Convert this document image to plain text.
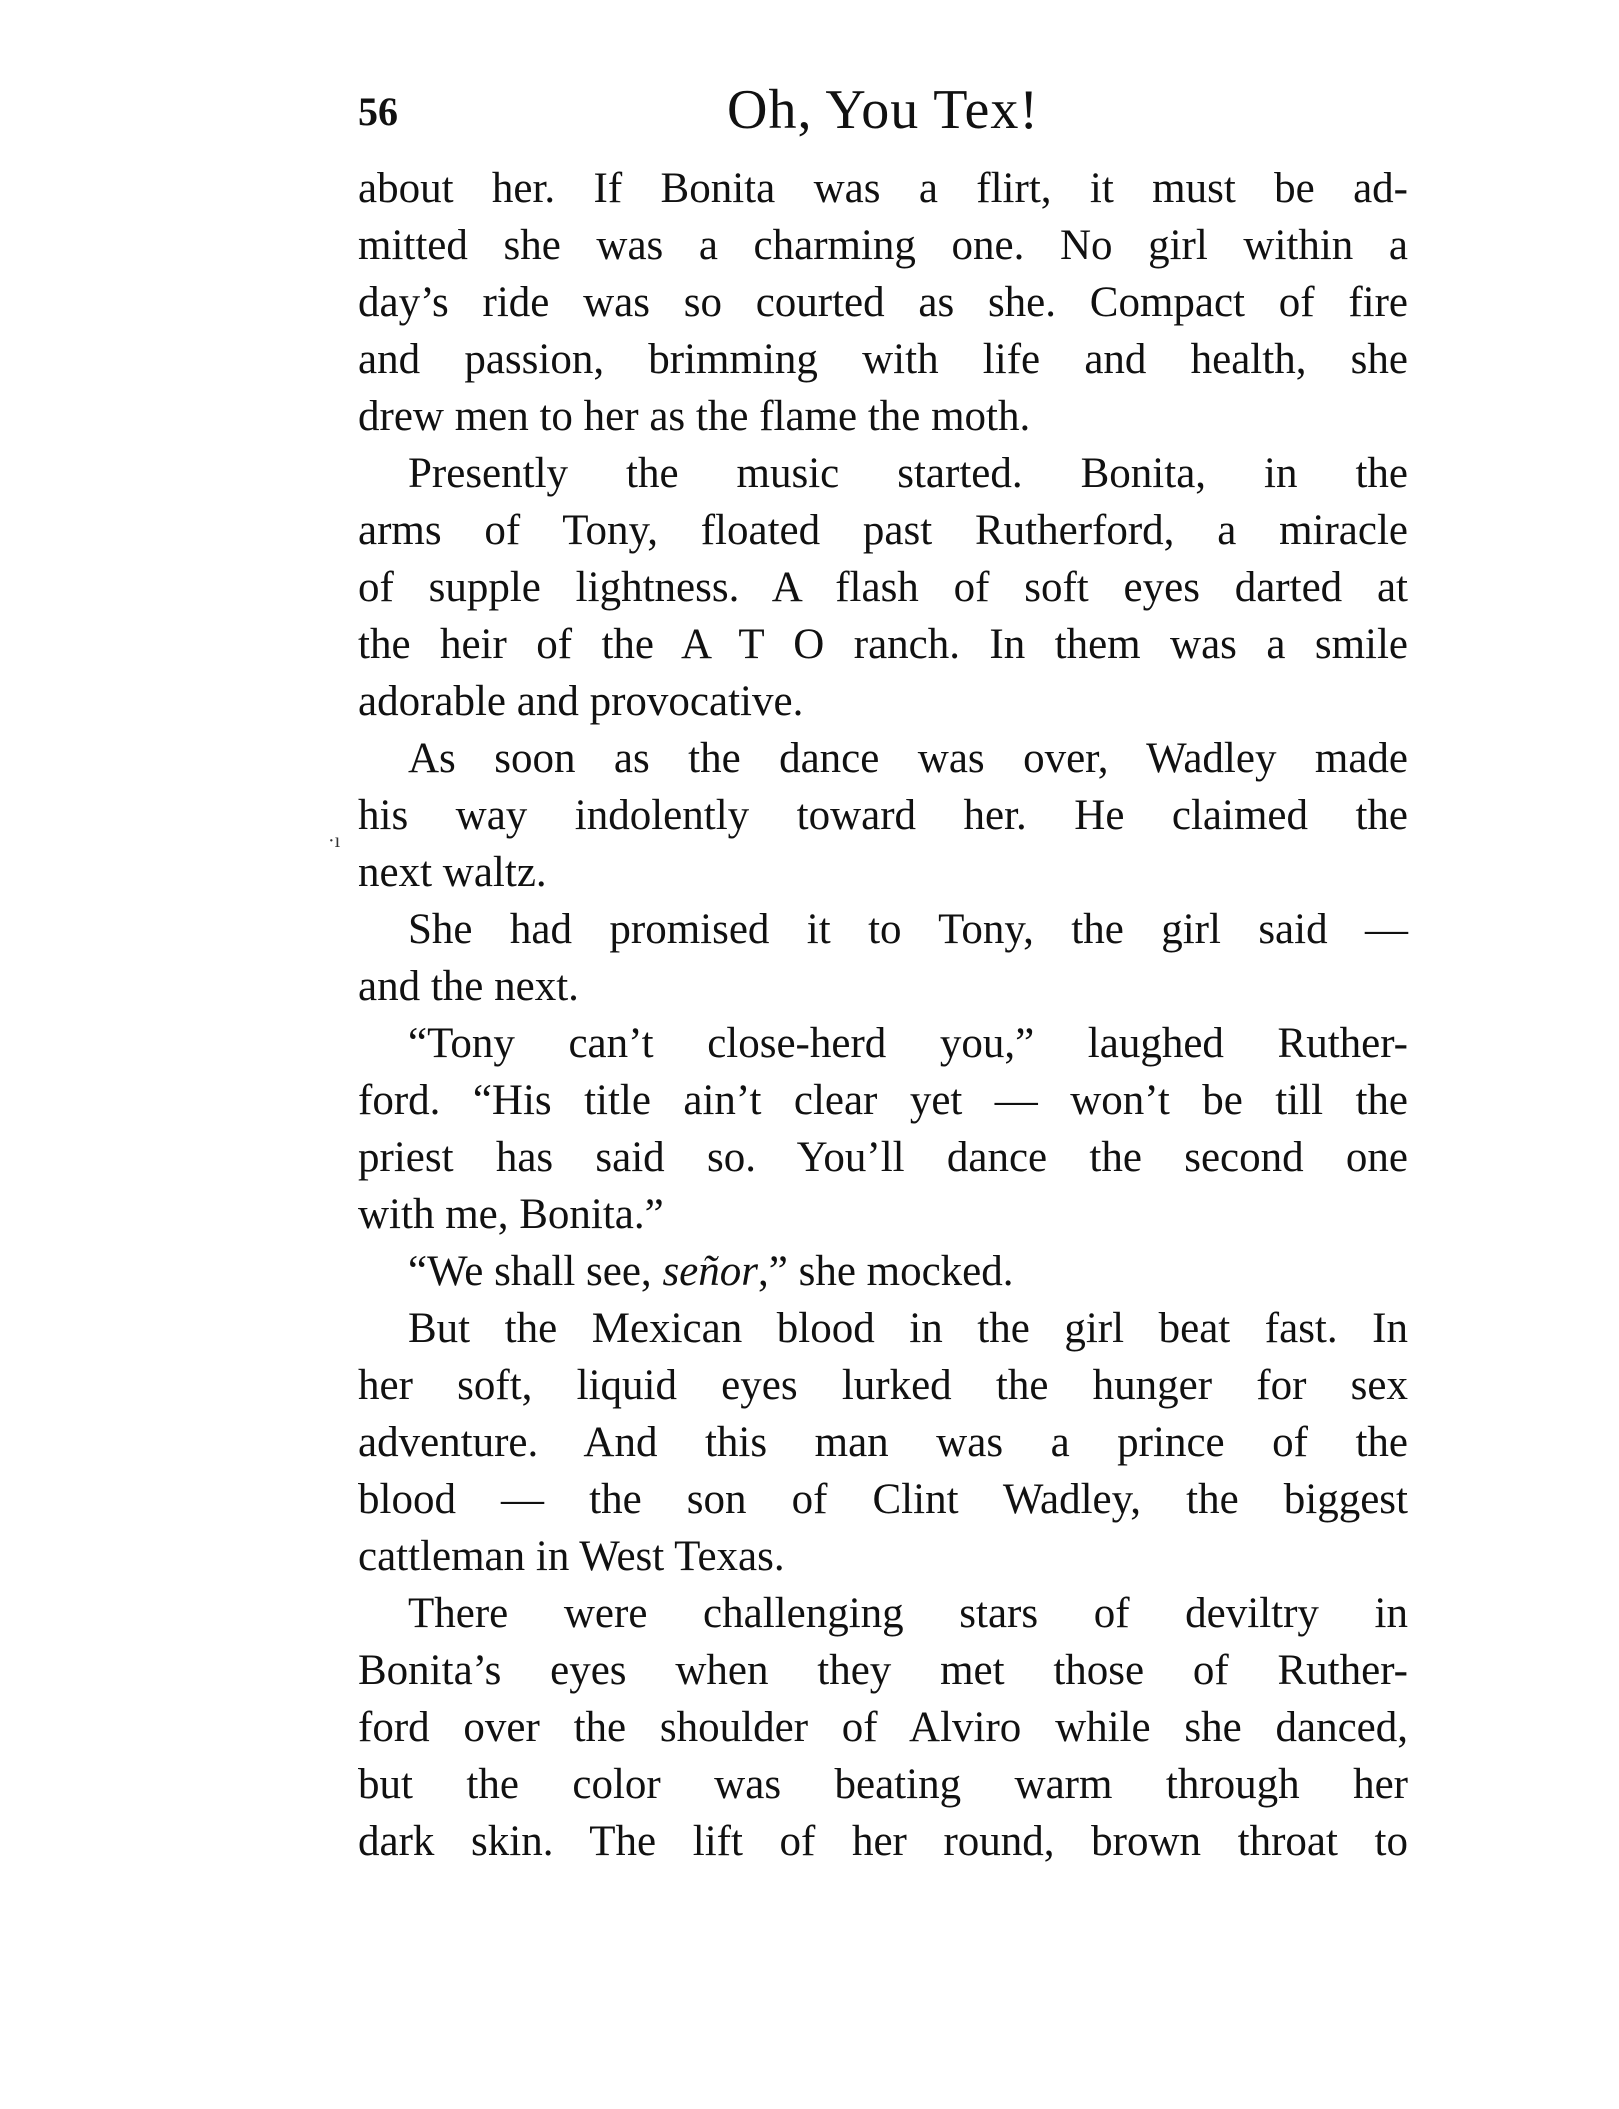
56	Oh, You Tex!
·ı
about her. If Bonita was a flirt, it must be ad-
mitted she was a charming one. No girl within a
day’s ride was so courted as she. Compact of fire
and passion, brimming with life and health, she
drew men to her as the flame the moth.
Presently the music started. Bonita, in the
arms of Tony, floated past Rutherford, a miracle
of supple lightness. A flash of soft eyes darted at
the heir of the A T O ranch. In them was a smile
adorable and provocative.
As soon as the dance was over, Wadley made
his way indolently toward her. He claimed the
next waltz.
She had promised it to Tony, the girl said —
and the next.
“Tony can’t close-herd you,” laughed Ruther-
ford. “His title ain’t clear yet — won’t be till the
priest has said so. You’ll dance the second one
with me, Bonita.”
“We shall see, señor,” she mocked.
But the Mexican blood in the girl beat fast. In
her soft, liquid eyes lurked the hunger for sex
adventure. And this man was a prince of the
blood — the son of Clint Wadley, the biggest
cattleman in West Texas.
There were challenging stars of deviltry in
Bonita’s eyes when they met those of Ruther-
ford over the shoulder of Alviro while she danced,
but the color was beating warm through her
dark skin. The lift of her round, brown throat to
